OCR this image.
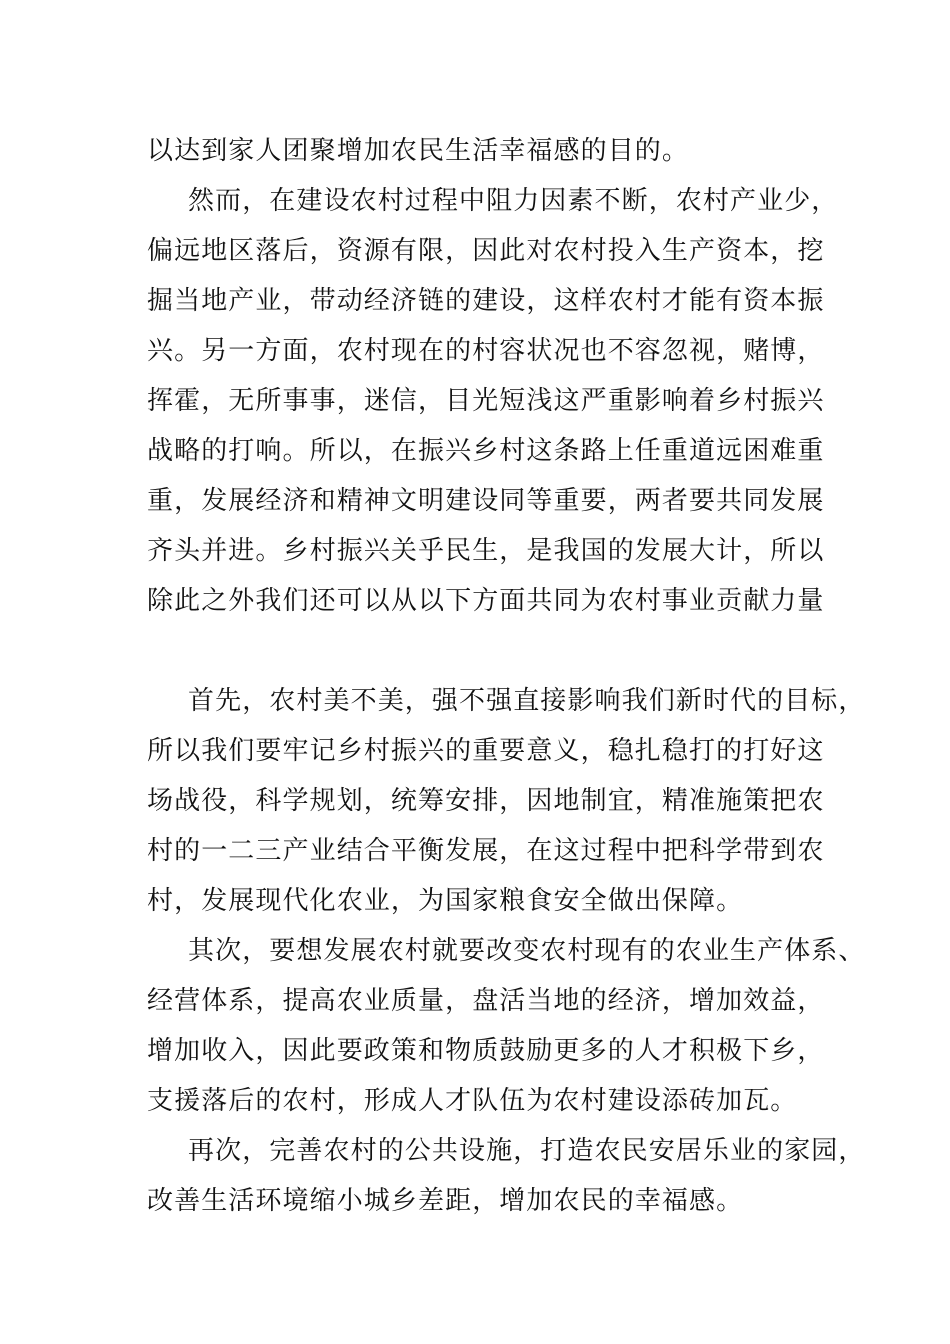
以达到家人团聚增加农民生活幸福感的目的。
然而，在建设农村过程中阻力因素不断，农村产业少，
偏远地区落后，资源有限，因此对农村投入生产资本，挖
掘当地产业，带动经济链的建设，这样农村才能有资本振
兴。另一方面，农村现在的村容状况也不容忽视，赌博，
挥霍，无所事事，迷信，目光短浅这严重影响着乡村振兴
战略的打响。所以，在振兴乡村这条路上任重道远困难重
重，发展经济和精神文明建设同等重要，两者要共同发展
齐头并进。乡村振兴关乎民生，是我国的发展大计，所以
除此之外我们还可以从以下方面共同为农村事业贡献力量
首先，农村美不美，强不强直接影响我们新时代的目标，
所以我们要牢记乡村振兴的重要意义，稳扎稳打的打好这
场战役，科学规划，统筹安排，因地制宜，精准施策把农
村的一二三产业结合平衡发展，在这过程中把科学带到农
村，发展现代化农业，为国家粮食安全做出保障。
其次，要想发展农村就要改变农村现有的农业生产体系、
经营体系，提高农业质量，盘活当地的经济，增加效益，
增加收入，因此要政策和物质鼓励更多的人才积极下乡，
支援落后的农村，形成人才队伍为农村建设添砖加瓦。
再次，完善农村的公共设施，打造农民安居乐业的家园，
改善生活环境缩小城乡差距，增加农民的幸福感。
